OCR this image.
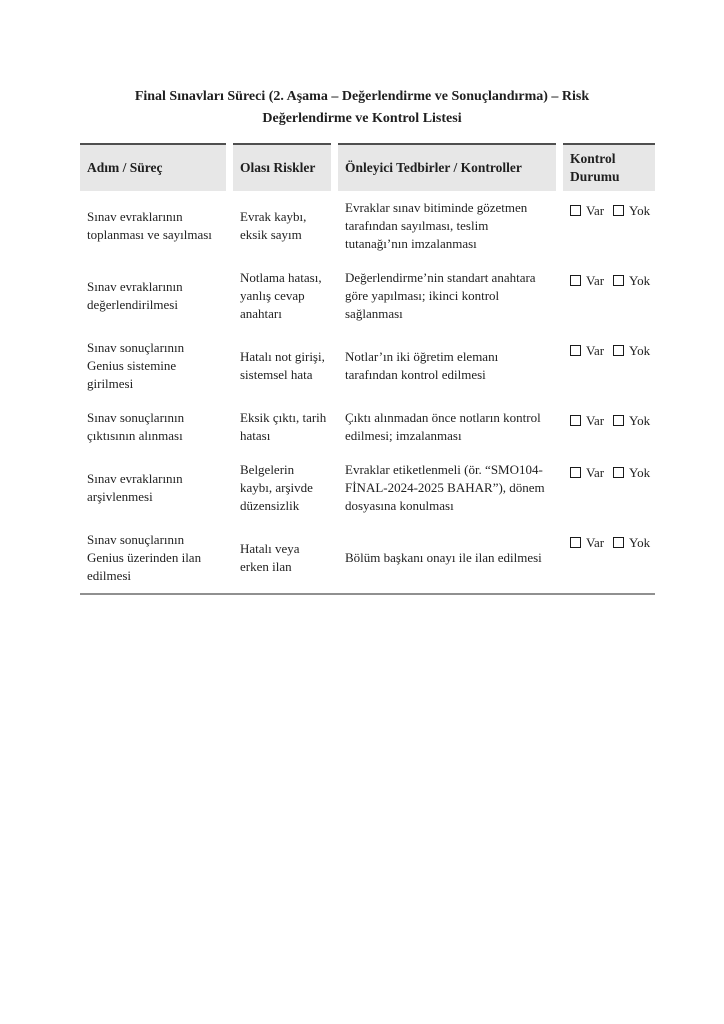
Final Sınavları Süreci (2. Aşama – Değerlendirme ve Sonuçlandırma) – Risk Değerlendirme ve Kontrol Listesi
Adım / Süreç	Olası Riskler	Önleyici Tedbirler / Kontroller	Kontrol Durumu
Sınav evraklarının toplanması ve sayılması	Evrak kaybı, eksik sayım	Evraklar sınav bitiminde gözetmen tarafından sayılması, teslim tutanağı’nın imzalanması	Var Yok
Sınav evraklarının değerlendirilmesi	Notlama hatası, yanlış cevap anahtarı	Değerlendirme’nin standart anahtara göre yapılması; ikinci kontrol sağlanması	Var Yok
Sınav sonuçlarının Genius sistemine girilmesi	Hatalı not girişi, sistemsel hata	Notlar’ın iki öğretim elemanı tarafından kontrol edilmesi	Var Yok
Sınav sonuçlarının çıktısının alınması	Eksik çıktı, tarih hatası	Çıktı alınmadan önce notların kontrol edilmesi; imzalanması	Var Yok
Sınav evraklarının arşivlenmesi	Belgelerin kaybı, arşivde düzensizlik	Evraklar etiketlenmeli (ör. “SMO104-FİNAL-2024-2025 BAHAR”), dönem dosyasına konulması	Var Yok
Sınav sonuçlarının Genius üzerinden ilan edilmesi	Hatalı veya erken ilan	Bölüm başkanı onayı ile ilan edilmesi	Var Yok
